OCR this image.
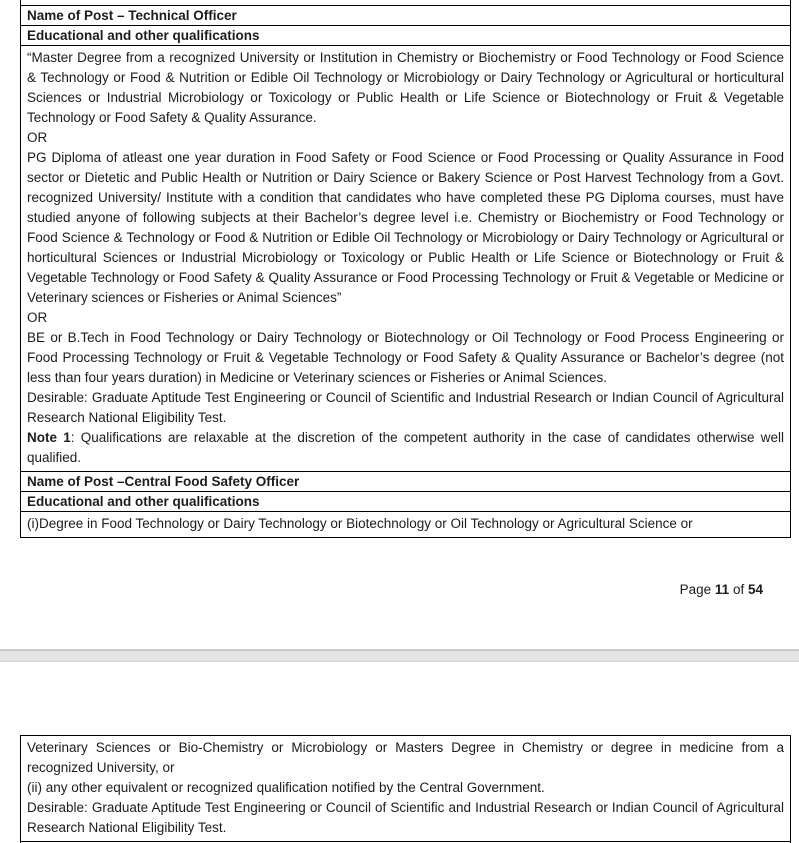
Name of Post – Technical Officer
Educational and other qualifications

“Master Degree from a recognized University or Institution in Chemistry or Biochemistry or Food Technology or Food Science & Technology or Food & Nutrition or Edible Oil Technology or Microbiology or Dairy Technology or Agricultural or horticultural Sciences or Industrial Microbiology or Toxicology or Public Health or Life Science or Biotechnology or Fruit & Vegetable Technology or Food Safety & Quality Assurance.

OR

PG Diploma of atleast one year duration in Food Safety or Food Science or Food Processing or Quality Assurance in Food sector or Dietetic and Public Health or Nutrition or Dairy Science or Bakery Science or Post Harvest Technology from a Govt. recognized University/ Institute with a condition that candidates who have completed these PG Diploma courses, must have studied anyone of following subjects at their Bachelor’s degree level i.e. Chemistry or Biochemistry or Food Technology or Food Science & Technology or Food & Nutrition or Edible Oil Technology or Microbiology or Dairy Technology or Agricultural or horticultural Sciences or Industrial Microbiology or Toxicology or Public Health or Life Science or Biotechnology or Fruit & Vegetable Technology or Food Safety & Quality Assurance or Food Processing Technology or Fruit & Vegetable or Medicine or Veterinary sciences or Fisheries or Animal Sciences”

OR

BE or B.Tech in Food Technology or Dairy Technology or Biotechnology or Oil Technology or Food Process Engineering or Food Processing Technology or Fruit & Vegetable Technology or Food Safety & Quality Assurance or Bachelor’s degree (not less than four years duration) in Medicine or Veterinary sciences or Fisheries or Animal Sciences.

Desirable: Graduate Aptitude Test Engineering or Council of Scientific and Industrial Research or Indian Council of Agricultural Research National Eligibility Test.

Note 1: Qualifications are relaxable at the discretion of the competent authority in the case of candidates otherwise well qualified.

Name of Post –Central Food Safety Officer
Educational and other qualifications

(i)Degree in Food Technology or Dairy Technology or Biotechnology or Oil Technology or Agricultural Science or

Page 11 of 54

Veterinary Sciences or Bio-Chemistry or Microbiology or Masters Degree in Chemistry or degree in medicine from a recognized University, or

(ii) any other equivalent or recognized qualification notified by the Central Government.

Desirable: Graduate Aptitude Test Engineering or Council of Scientific and Industrial Research or Indian Council of Agricultural Research National Eligibility Test.
